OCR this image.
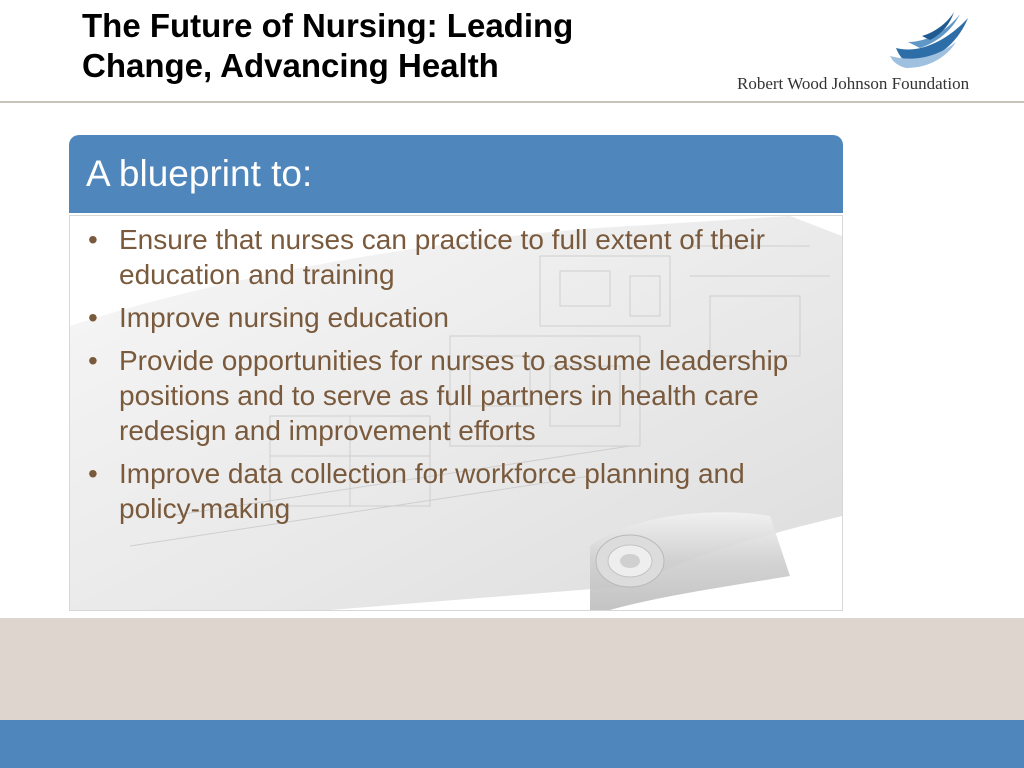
The Future of Nursing: Leading
Change, Advancing Health	Robert Wood Johnson Foundation
A blueprint to:
• Ensure that nurses can practice to full extent of their education and training
• Improve nursing education
• Provide opportunities for nurses to assume leadership positions and to serve as full partners in health care redesign and improvement efforts
• Improve data collection for workforce planning and policy-making
